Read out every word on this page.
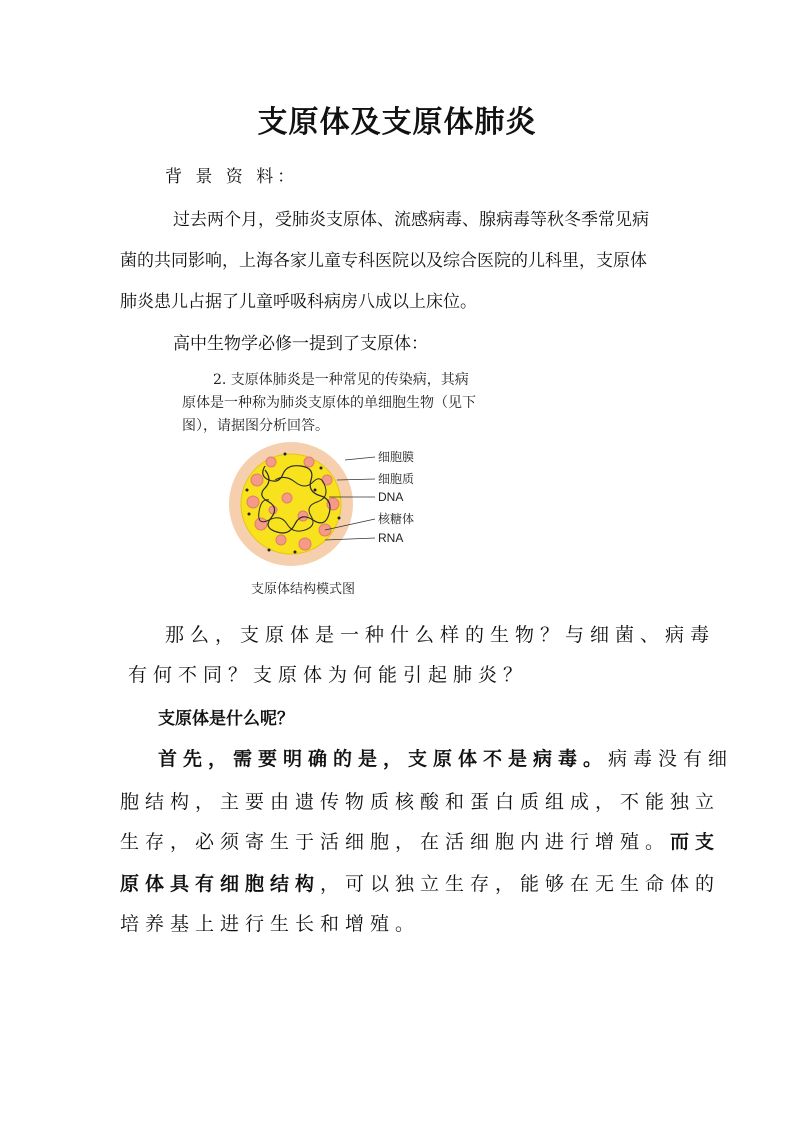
支原体及支原体肺炎
背 景 资 料：
过去两个月，受肺炎支原体、流感病毒、腺病毒等秋冬季常见病
菌的共同影响，上海各家儿童专科医院以及综合医院的儿科里，支原体
肺炎患儿占据了儿童呼吸科病房八成以上床位。
高中生物学必修一提到了支原体：
2. 支原体肺炎是一种常见的传染病，其病
原体是一种称为肺炎支原体的单细胞生物（见下
图），请据图分析回答。
细胞膜
细胞质
DNA
核糖体
RNA
支原体结构模式图
那么，支原体是一种什么样的生物？与细菌、病毒
有何不同？支原体为何能引起肺炎？
支原体是什么呢？
首先，需要明确的是，支原体不是病毒。病毒没有细
胞结构，主要由遗传物质核酸和蛋白质组成，不能独立
生存，必须寄生于活细胞，在活细胞内进行增殖。而支
原体具有细胞结构，可以独立生存，能够在无生命体的
培养基上进行生长和增殖。
